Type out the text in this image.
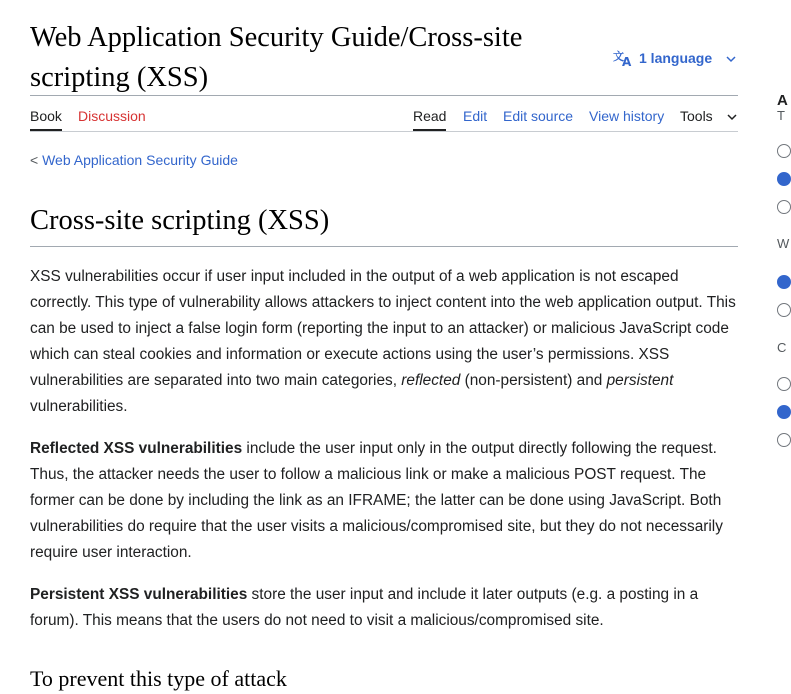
Web Application Security Guide/Cross-site scripting (XSS)
文
A 1 language
Book Discussion	Read Edit Edit source View history Tools
< Web Application Security Guide
Cross-site scripting (XSS)

XSS vulnerabilities occur if user input included in the output of a web application is not escaped correctly. This type of vulnerability allows attackers to inject content into the web application output. This can be used to inject a false login form (reporting the input to an attacker) or malicious JavaScript code which can steal cookies and information or execute actions using the user’s permissions. XSS vulnerabilities are separated into two main categories, reflected (non-persistent) and persistent vulnerabilities.

Reflected XSS vulnerabilities include the user input only in the output directly following the request. Thus, the attacker needs the user to follow a malicious link or make a malicious POST request. The former can be done by including the link as an IFRAME; the latter can be done using JavaScript. Both vulnerabilities do require that the user visits a malicious/compromised site, but they do not necessarily require user interaction.

Persistent XSS vulnerabilities store the user input and include it later outputs (e.g. a posting in a forum). This means that the users do not need to visit a malicious/compromised site.

To prevent this type of attack
A
T
W
C
